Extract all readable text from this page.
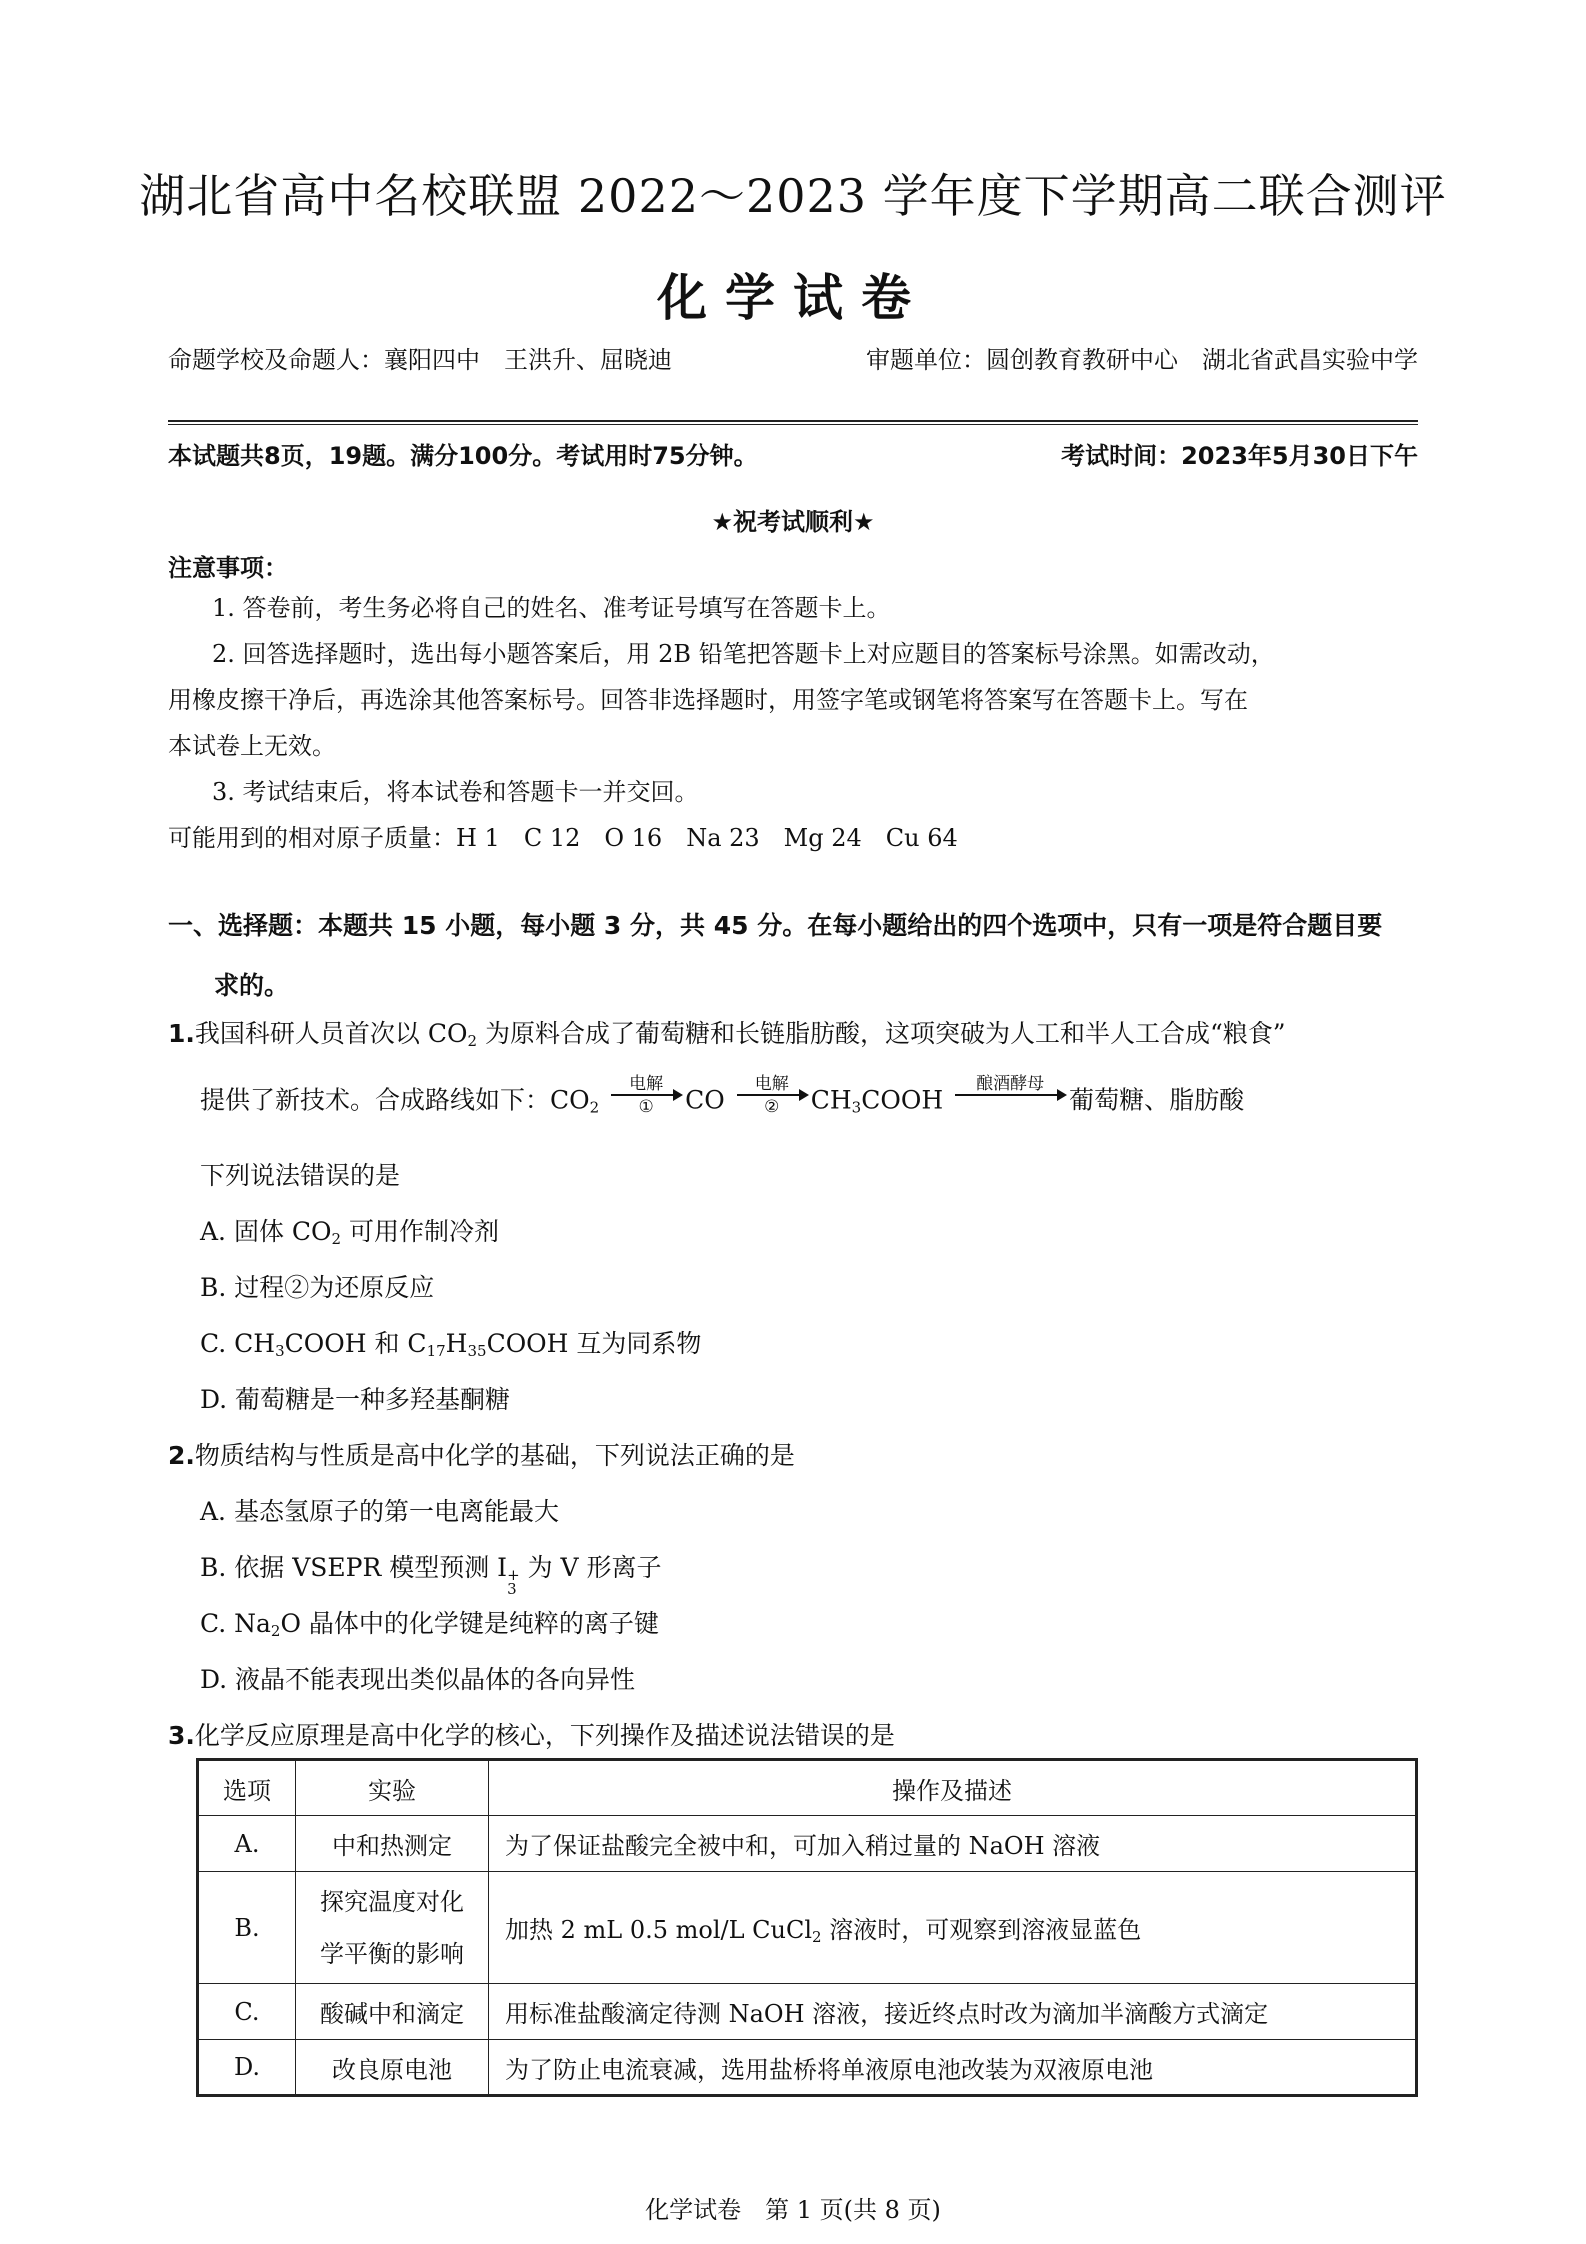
湖北省高中名校联盟 2022～2023 学年度下学期高二联合测评
化学试卷
命题学校及命题人：襄阳四中　王洪升、屈晓迪	审题单位：圆创教育教研中心　湖北省武昌实验中学
本试题共8页，19题。满分100分。考试用时75分钟。	考试时间：2023年5月30日下午
★祝考试顺利★
注意事项：
1. 答卷前，考生务必将自己的姓名、准考证号填写在答题卡上。
2. 回答选择题时，选出每小题答案后，用 2B 铅笔把答题卡上对应题目的答案标号涂黑。如需改动，
用橡皮擦干净后，再选涂其他答案标号。回答非选择题时，用签字笔或钢笔将答案写在答题卡上。写在
本试卷上无效。
3. 考试结束后，将本试卷和答题卡一并交回。
可能用到的相对原子质量：H 1　C 12　O 16　Na 23　Mg 24　Cu 64
一、选择题：本题共 15 小题，每小题 3 分，共 45 分。在每小题给出的四个选项中，只有一项是符合题目要
求的。
1.我国科研人员首次以 $CO_2$ 为原料合成了葡萄糖和长链脂肪酸，这项突破为人工和半人工合成“粮食”
提供了新技术。合成路线如下：$CO_2$
电解
① CO
电解
② $CH_3COOH$
酿酒酵母

葡萄糖、脂肪酸
下列说法错误的是
A. 固体 $CO_2$ 可用作制冷剂
B. 过程②为还原反应
C. $CH_3COOH$ 和 $C_{17}H_{35}COOH$ 互为同系物
D. 葡萄糖是一种多羟基酮糖
2.物质结构与性质是高中化学的基础，下列说法正确的是
A. 基态氢原子的第一电离能最大
B. 依据 VSEPR 模型预测 I +
3
为 V 形离子
C. $Na_2O$ 晶体中的化学键是纯粹的离子键
D. 液晶不能表现出类似晶体的各向异性
3.化学反应原理是高中化学的核心，下列操作及描述说法错误的是
选项	实验	操作及描述
A.	中和热测定	为了保证盐酸完全被中和，可加入稍过量的 NaOH 溶液
B.	探究温度对化
学平衡的影响	加热 2 mL 0.5 mol/L CuCl$_2$ 溶液时，可观察到溶液显蓝色
C.	酸碱中和滴定	用标准盐酸滴定待测 NaOH 溶液，接近终点时改为滴加半滴酸方式滴定
D.	改良原电池	为了防止电流衰减，选用盐桥将单液原电池改装为双液原电池
化学试卷　第 1 页(共 8 页)
